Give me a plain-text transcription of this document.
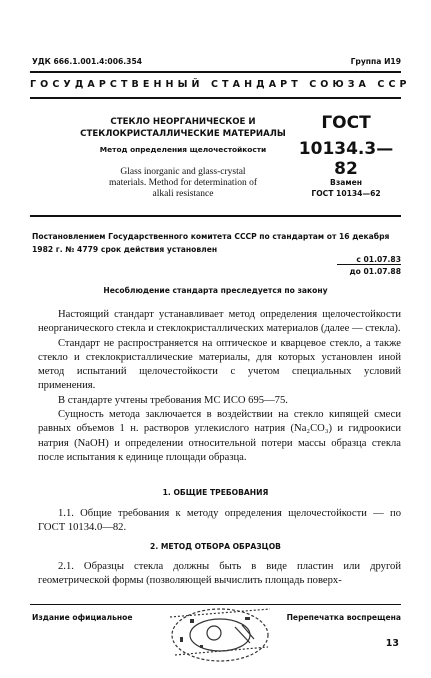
УДК 666.1.001.4:006.354	Группа И19
ГОСУДАРСТВЕННЫЙ СТАНДАРТ СОЮЗА ССР
СТЕКЛО НЕОРГАНИЧЕСКОЕ И
СТЕКЛОКРИСТАЛЛИЧЕСКИЕ МАТЕРИАЛЫ
Метод определения щелочестойкости
Glass inorganic and glass-crystal
materials. Method for determination of
alkali resistance
ГОСТ
10134.3—82
Взамен
ГОСТ 10134—62
Постановлением Государственного комитета СССР по стандартам от 16 декабря 1982 г. № 4779 срок действия установлен
с 01.07.83
до 01.07.88
Несоблюдение стандарта преследуется по закону

Настоящий стандарт устанавливает метод определения щелочестойкости неорганического стекла и стеклокристаллических материалов (далее — стекла).

Стандарт не распространяется на оптическое и кварцевое стекло, а также стекло и стеклокристаллические материалы, для которых установлен иной метод испытаний щелочестойкости с учетом специальных условий применения.

В стандарте учтены требования МС ИСО 695—75.

Сущность метода заключается в воздействии на стекло кипящей смеси равных объемов 1 н. растворов углекислого натрия (Na₂CO₃) и гидроокиси натрия (NaOH) и определении относительной потери массы образца стекла после испытания к единице площади образца.

1. ОБЩИЕ ТРЕБОВАНИЯ

1.1. Общие требования к методу определения щелочестойкости — по ГОСТ 10134.0—82.

2. МЕТОД ОТБОРА ОБРАЗЦОВ

2.1. Образцы стекла должны быть в виде пластин или другой геометрической формы (позволяющей вычислить площадь поверх-

Издание официальное	Перепечатка воспрещена
13
